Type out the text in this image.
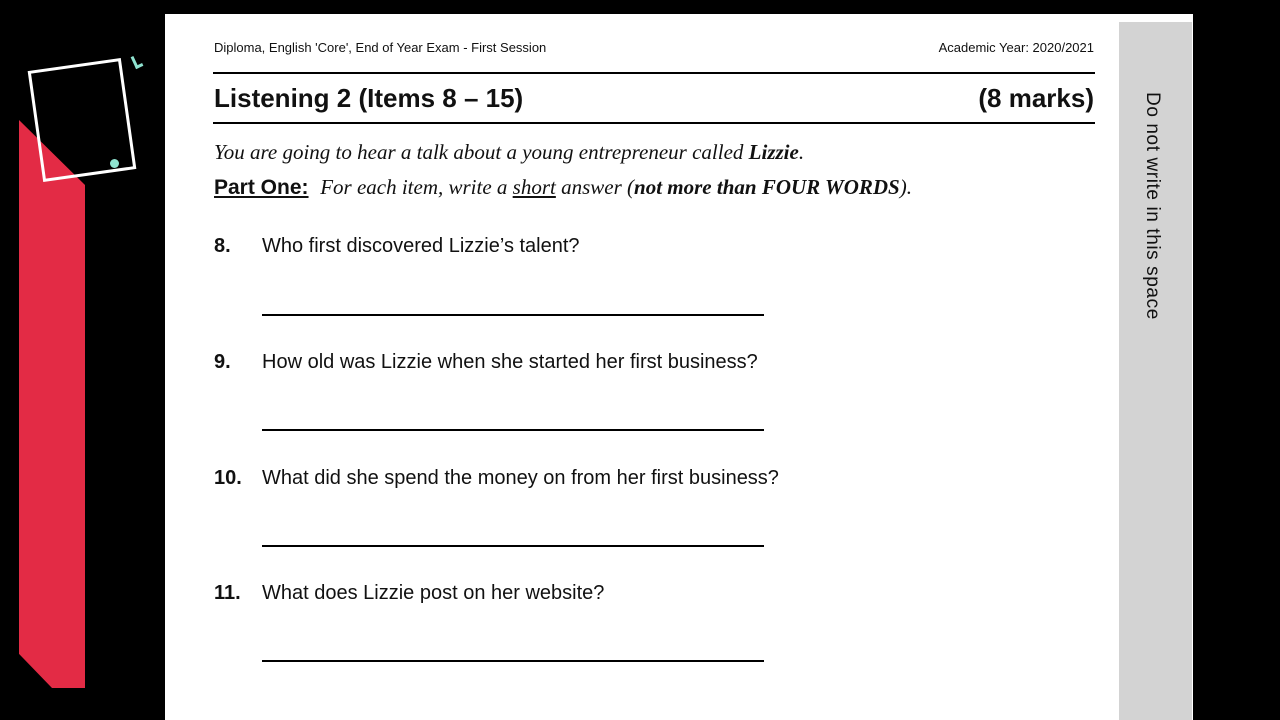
Do not write in this space
Diploma, English 'Core', End of Year Exam - First Session	Academic Year: 2020/2021
Listening 2 (Items 8 – 15)	(8 marks)
You are going to hear a talk about a young entrepreneur called Lizzie.
Part One: For each item, write a short answer (not more than FOUR WORDS).
8. Who first discovered Lizzie’s talent?
9. How old was Lizzie when she started her first business?
10. What did she spend the money on from her first business?
11. What does Lizzie post on her website?
